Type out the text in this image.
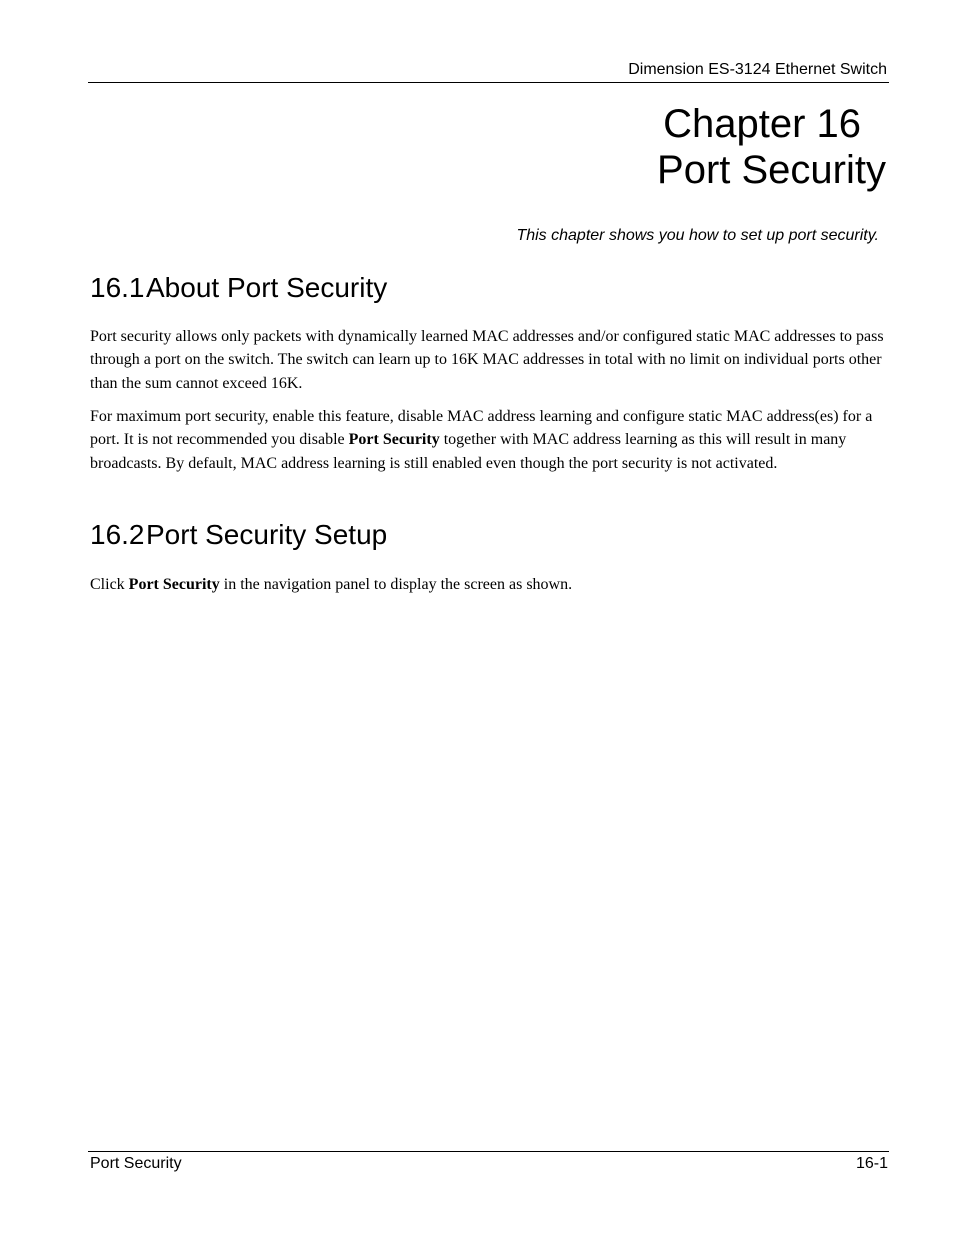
Dimension ES-3124 Ethernet Switch
Chapter 16
Port Security
This chapter shows you how to set up port security.
16.1About Port Security

Port security allows only packets with dynamically learned MAC addresses and/or configured static MAC addresses to pass through a port on the switch. The switch can learn up to 16K MAC addresses in total with no limit on individual ports other than the sum cannot exceed 16K.

For maximum port security, enable this feature, disable MAC address learning and configure static MAC address(es) for a port. It is not recommended you disable Port Security together with MAC address learning as this will result in many broadcasts. By default, MAC address learning is still enabled even though the port security is not activated.

16.2Port Security Setup

Click Port Security in the navigation panel to display the screen as shown.

Port Security	16-1
